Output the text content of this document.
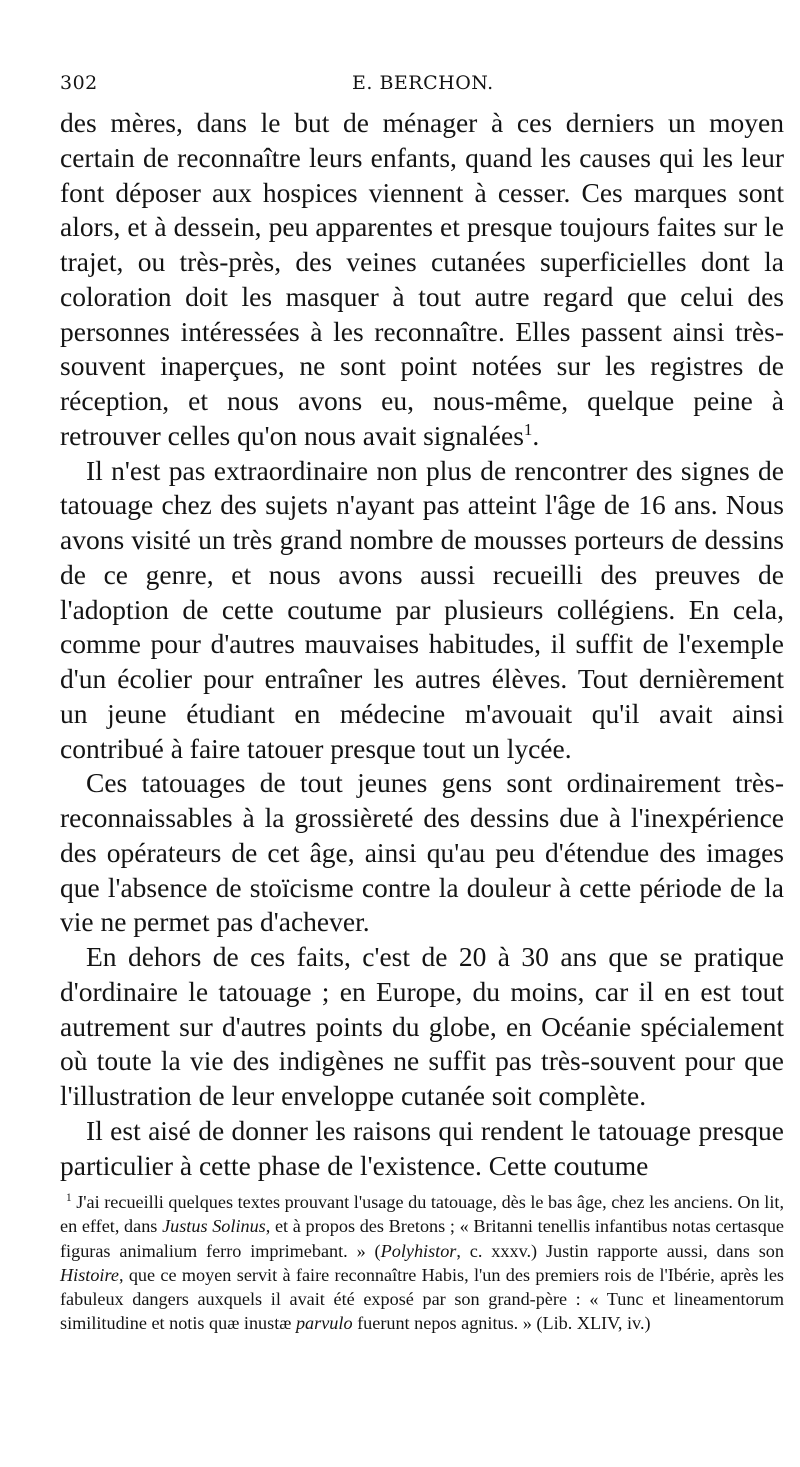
302	E. BERCHON.

des mères, dans le but de ménager à ces derniers un moyen certain de reconnaître leurs enfants, quand les causes qui les leur font déposer aux hospices viennent à cesser. Ces marques sont alors, et à dessein, peu apparentes et presque toujours faites sur le trajet, ou très-près, des veines cutanées superficielles dont la coloration doit les masquer à tout autre regard que celui des personnes intéressées à les reconnaître. Elles passent ainsi très-souvent inaperçues, ne sont point notées sur les registres de réception, et nous avons eu, nous-même, quelque peine à retrouver celles qu'on nous avait signalées$^1$.

Il n'est pas extraordinaire non plus de rencontrer des signes de tatouage chez des sujets n'ayant pas atteint l'âge de 16 ans. Nous avons visité un très grand nombre de mousses porteurs de dessins de ce genre, et nous avons aussi recueilli des preuves de l'adoption de cette coutume par plusieurs collégiens. En cela, comme pour d'autres mauvaises habitudes, il suffit de l'exemple d'un écolier pour entraîner les autres élèves. Tout dernièrement un jeune étudiant en médecine m'avouait qu'il avait ainsi contribué à faire tatouer presque tout un lycée.

Ces tatouages de tout jeunes gens sont ordinairement très-reconnaissables à la grossièreté des dessins due à l'inexpérience des opérateurs de cet âge, ainsi qu'au peu d'étendue des images que l'absence de stoïcisme contre la douleur à cette période de la vie ne permet pas d'achever.

En dehors de ces faits, c'est de 20 à 30 ans que se pratique d'ordinaire le tatouage ; en Europe, du moins, car il en est tout autrement sur d'autres points du globe, en Océanie spécialement où toute la vie des indigènes ne suffit pas très-souvent pour que l'illustration de leur enveloppe cutanée soit complète.

Il est aisé de donner les raisons qui rendent le tatouage presque particulier à cette phase de l'existence. Cette coutume

$^1$ J'ai recueilli quelques textes prouvant l'usage du tatouage, dès le bas âge, chez les anciens. On lit, en effet, dans Justus Solinus, et à propos des Bretons ; « Britanni tenellis infantibus notas certasque figuras animalium ferro imprimebant. » (Polyhistor, c. xxxv.) Justin rapporte aussi, dans son Histoire, que ce moyen servit à faire reconnaître Habis, l'un des premiers rois de l'Ibérie, après les fabuleux dangers auxquels il avait été exposé par son grand-père : « Tunc et lineamentorum similitudine et notis quæ inustæ parvulo fuerunt nepos agnitus. » (Lib. XLIV, iv.)
